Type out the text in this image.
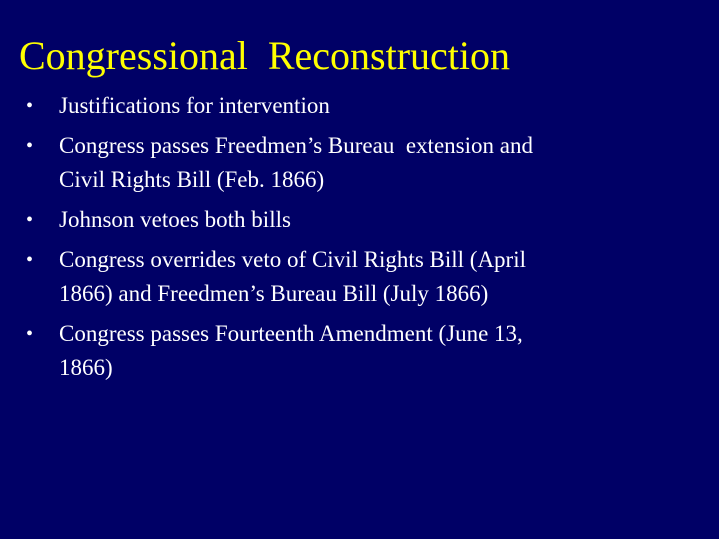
Congressional  Reconstruction
• Justifications for intervention
• Congress passes Freedmen’s Bureau  extension and
Civil Rights Bill (Feb. 1866)
• Johnson vetoes both bills
• Congress overrides veto of Civil Rights Bill (April
1866) and Freedmen’s Bureau Bill (July 1866)
• Congress passes Fourteenth Amendment (June 13,
1866)
